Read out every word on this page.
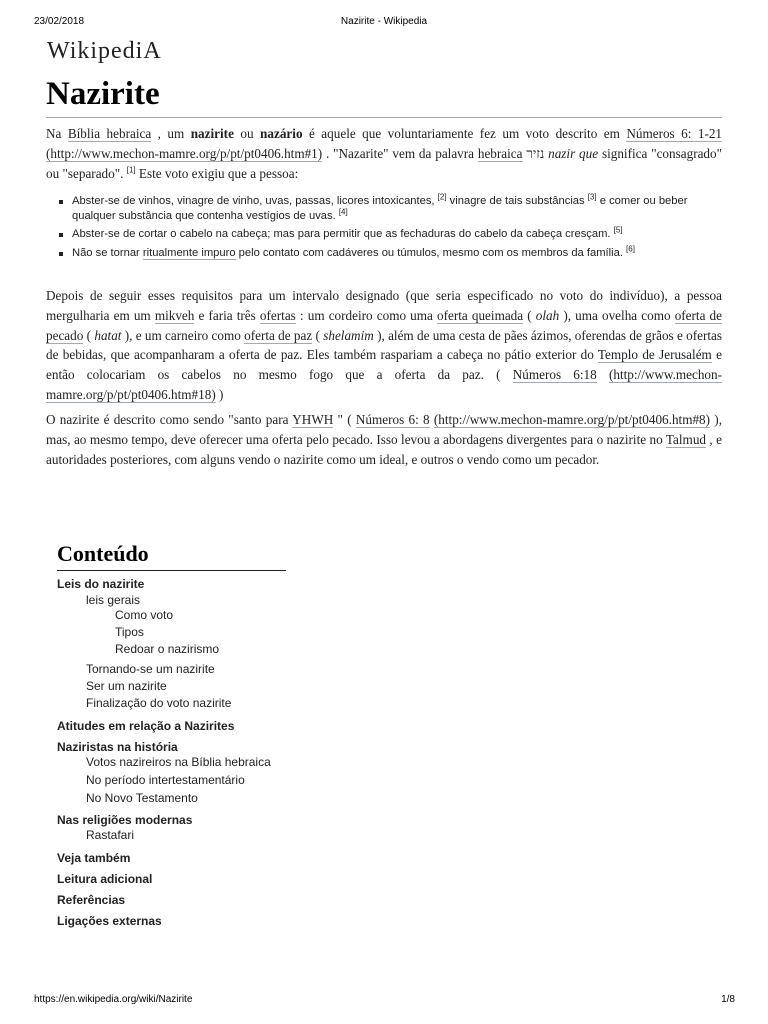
23/02/2018	Nazirite - Wikipedia
WikipediA
Nazirite
Na Bíblia hebraica , um nazirite ou nazário é aquele que voluntariamente fez um voto descrito em Números 6: 1-21 (http://www.mechon-mamre.org/p/pt/pt0406.htm#1) . "Nazarite" vem da palavra hebraica נזיר nazir que significa "consagrado" ou "separado". [1] Este voto exigiu que a pessoa:
Abster-se de vinhos, vinagre de vinho, uvas, passas, licores intoxicantes, [2] vinagre de tais substâncias [3] e comer ou beber qualquer substância que contenha vestígios de uvas. [4]
Abster-se de cortar o cabelo na cabeça; mas para permitir que as fechaduras do cabelo da cabeça cresçam. [5]
Não se tornar ritualmente impuro pelo contato com cadáveres ou túmulos, mesmo com os membros da família. [6]
Depois de seguir esses requisitos para um intervalo designado (que seria especificado no voto do indivíduo), a pessoa mergulharia em um mikveh e faria três ofertas : um cordeiro como uma oferta queimada ( olah ), uma ovelha como oferta de pecado ( hatat ), e um carneiro como oferta de paz ( shelamim ), além de uma cesta de pães ázimos, oferendas de grãos e ofertas de bebidas, que acompanharam a oferta de paz. Eles também raspariam a cabeça no pátio exterior do Templo de Jerusalém e então colocariam os cabelos no mesmo fogo que a oferta da paz. ( Números 6:18 (http://www.mechon-mamre.org/p/pt/pt0406.htm#18) )
O nazirite é descrito como sendo "santo para YHWH " ( Números 6: 8 (http://www.mechon-mamre.org/p/pt/pt0406.htm#8) ), mas, ao mesmo tempo, deve oferecer uma oferta pelo pecado. Isso levou a abordagens divergentes para o nazirite no Talmud , e autoridades posteriores, com alguns vendo o nazirite como um ideal, e outros o vendo como um pecador.
Conteúdo
Leis do nazirite
leis gerais
Como voto
Tipos
Redoar o nazirismo
Tornando-se um nazirite
Ser um nazirite
Finalização do voto nazirite
Atitudes em relação a Nazirites
Naziristas na história
Votos nazireiros na Bíblia hebraica
No período intertestamentário
No Novo Testamento
Nas religiões modernas
Rastafari
Veja também
Leitura adicional
Referências
Ligações externas
https://en.wikipedia.org/wiki/Nazirite	1/8
